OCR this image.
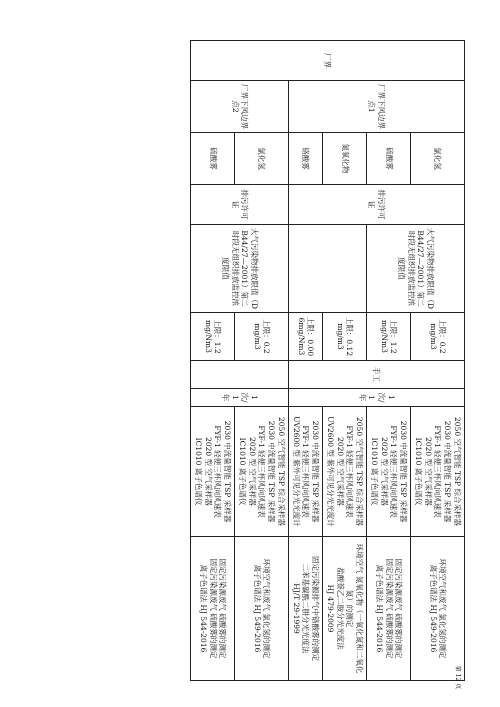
厂界	厂界下风边界点1	氯化氢	排污许可证	大气污染物排放限值（DB44/27—2001）第二时段无组织排放监控浓度限值	上限：0.2mg/m3	手工	1次/1年	2050 空气智能 TSP 综合采样器
2030 中流量智能 TSP 采样器
FYF-1 轻便三杯风向风速表
2020 型 空气采样器
IC1010 离子色谱仪	环境空气和废气 氯化氢的测定
离子色谱法 HJ 549-2016

		硫酸雾			上限：1.2mg/Nm3			2030 中流量智能 TSP 采样器
FYF-1 轻便三杯风向风速表
2020 型 空气采样器
IC1010 离子色谱仪	固定污染源废气 硫酸雾的测定
固定污染源废气 硫酸雾的测定
离子色谱法 HJ 544-2016

		氮氧化物			上限：0.12mg/m3			2050 空气智能 TSP 综合采样器
FYF-1 轻便三杯风向风速表
2020 型 空气采样器
UV2600 型 紫外可见分光光度计	环境空气 氮氧化物（一氧化氮和二氧化氮）的测定
盐酸萘乙二胺分光光度法
HJ 479-2009

		铬酸雾			上限：0.006mg/Nm3			2030 中流量智能 TSP 采样器
FYF-1 轻便三杯风向风速表
UV2600 型 紫外可见分光光度计	固定污染源排气中铬酸雾的测定
二苯基碳酰二肼分光光度法
HJ/T 29-1999

	厂界下风边界点2	氯化氢	排污许可证	大气污染物排放限值（DB44/27—2001）第二时段无组织排放监控浓度限值	上限：0.2mg/m3		1次/1年	2050 空气智能 TSP 综合采样器
2030 中流量智能 TSP 采样器
FYF-1 轻便三杯风向风速表
2020 型 空气采样器
IC1010 离子色谱仪	环境空气和废气 氯化氢的测定
离子色谱法 HJ 549-2016

		硫酸雾			上限：1.2mg/Nm3			2030 中流量智能 TSP 采样器
FYF-1 轻便三杯风向风速表
2020 型 空气采样器
IC1010 离子色谱仪	固定污染源废气 硫酸雾的测定
固定污染源废气 硫酸雾的测定
离子色谱法 HJ 544-2016
第 12 页
